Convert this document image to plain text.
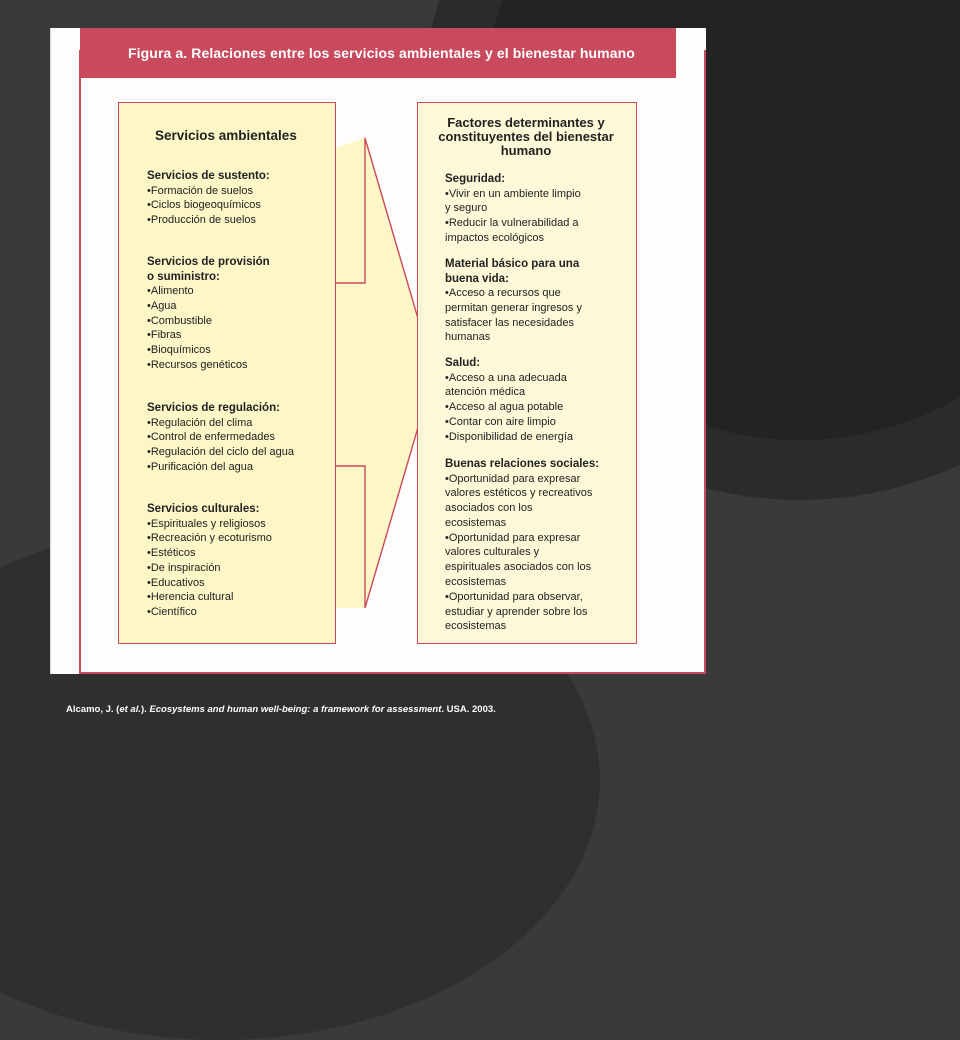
Figura a. Relaciones entre los servicios ambientales y el bienestar humano
Servicios ambientales
Servicios de sustento:
•Formación de suelos
•Ciclos biogeoquímicos
•Producción de suelos
Servicios de provisión
o suministro:
•Alimento
•Agua
•Combustible
•Fibras
•Bioquímicos
•Recursos genéticos
Servicios de regulación:
•Regulación del clima
•Control de enfermedades
•Regulación del ciclo del agua
•Purificación del agua
Servicios culturales:
•Espirituales y religiosos
•Recreación y ecoturismo
•Estéticos
•De inspiración
•Educativos
•Herencia cultural
•Científico
Factores determinantes y
constituyentes del bienestar
humano
Seguridad:
•Vivir en un ambiente limpio
y seguro
•Reducir la vulnerabilidad a
impactos ecológicos
Material básico para una
buena vida:
•Acceso a recursos que
permitan generar ingresos y
satisfacer las necesidades
humanas
Salud:
•Acceso a una adecuada
atención médica
•Acceso al agua potable
•Contar con aire limpio
•Disponibilidad de energía
Buenas relaciones sociales:
•Oportunidad para expresar
valores estéticos y recreativos
asociados con los
ecosistemas
•Oportunidad para expresar
valores culturales y
espirituales asociados con los
ecosistemas
•Oportunidad para observar,
estudiar y aprender sobre los
ecosistemas
Alcamo, J. (et al.). Ecosystems and human well-being: a framework for assessment. USA. 2003.
